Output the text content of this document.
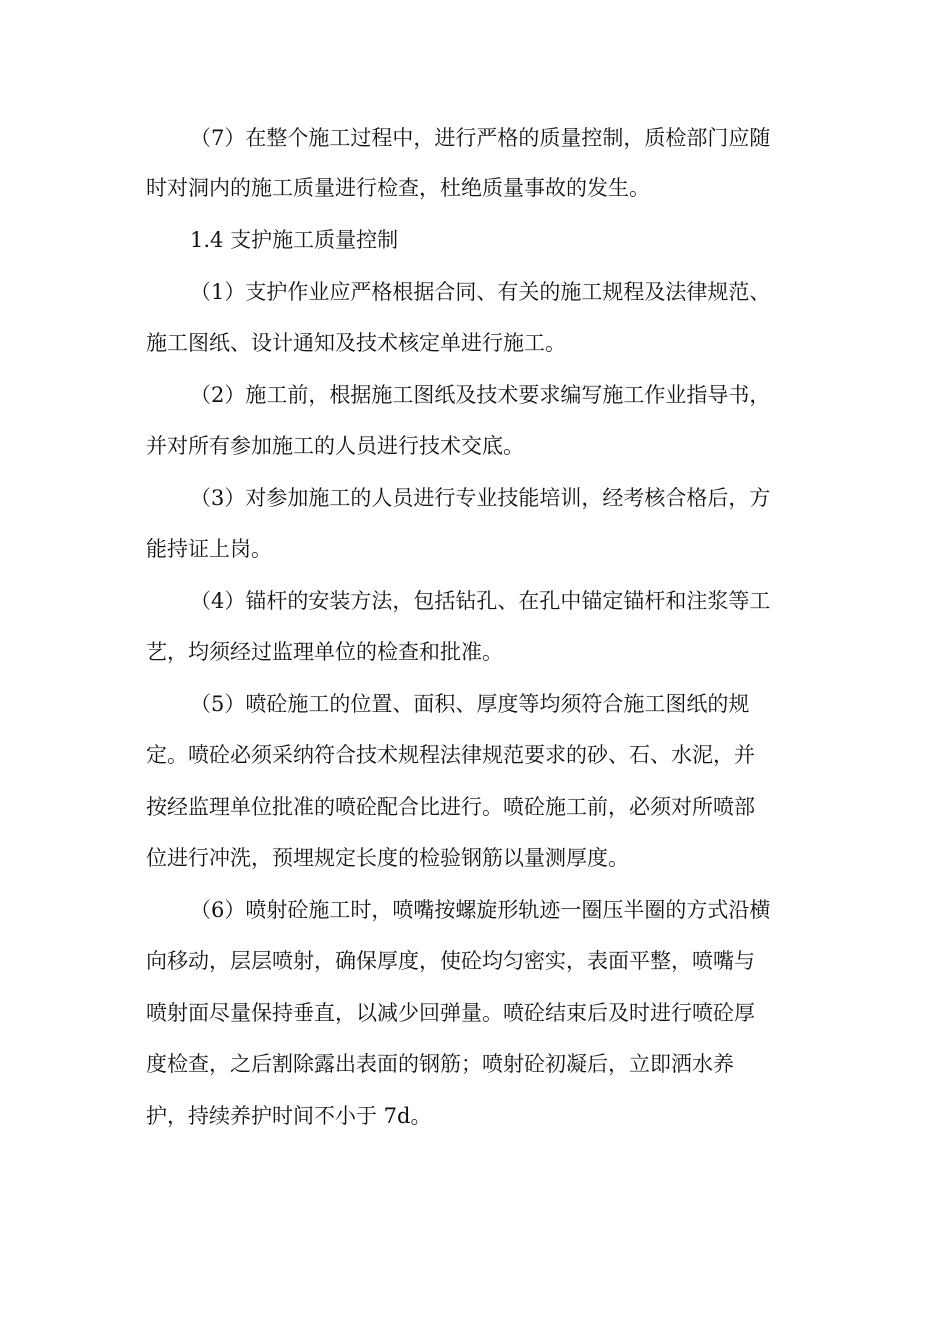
（7）在整个施工过程中，进行严格的质量控制，质检部门应随
时对洞内的施工质量进行检查，杜绝质量事故的发生。
1.4 支护施工质量控制
（1）支护作业应严格根据合同、有关的施工规程及法律规范、
施工图纸、设计通知及技术核定单进行施工。
（2）施工前，根据施工图纸及技术要求编写施工作业指导书，
并对所有参加施工的人员进行技术交底。
（3）对参加施工的人员进行专业技能培训，经考核合格后，方
能持证上岗。
（4）锚杆的安装方法，包括钻孔、在孔中锚定锚杆和注浆等工
艺，均须经过监理单位的检查和批准。
（5）喷砼施工的位置、面积、厚度等均须符合施工图纸的规
定。喷砼必须采纳符合技术规程法律规范要求的砂、石、水泥，并
按经监理单位批准的喷砼配合比进行。喷砼施工前，必须对所喷部
位进行冲洗，预埋规定长度的检验钢筋以量测厚度。
（6）喷射砼施工时，喷嘴按螺旋形轨迹一圈压半圈的方式沿横
向移动，层层喷射，确保厚度，使砼均匀密实，表面平整，喷嘴与
喷射面尽量保持垂直，以减少回弹量。喷砼结束后及时进行喷砼厚
度检查，之后割除露出表面的钢筋；喷射砼初凝后，立即洒水养
护，持续养护时间不小于 7d。
